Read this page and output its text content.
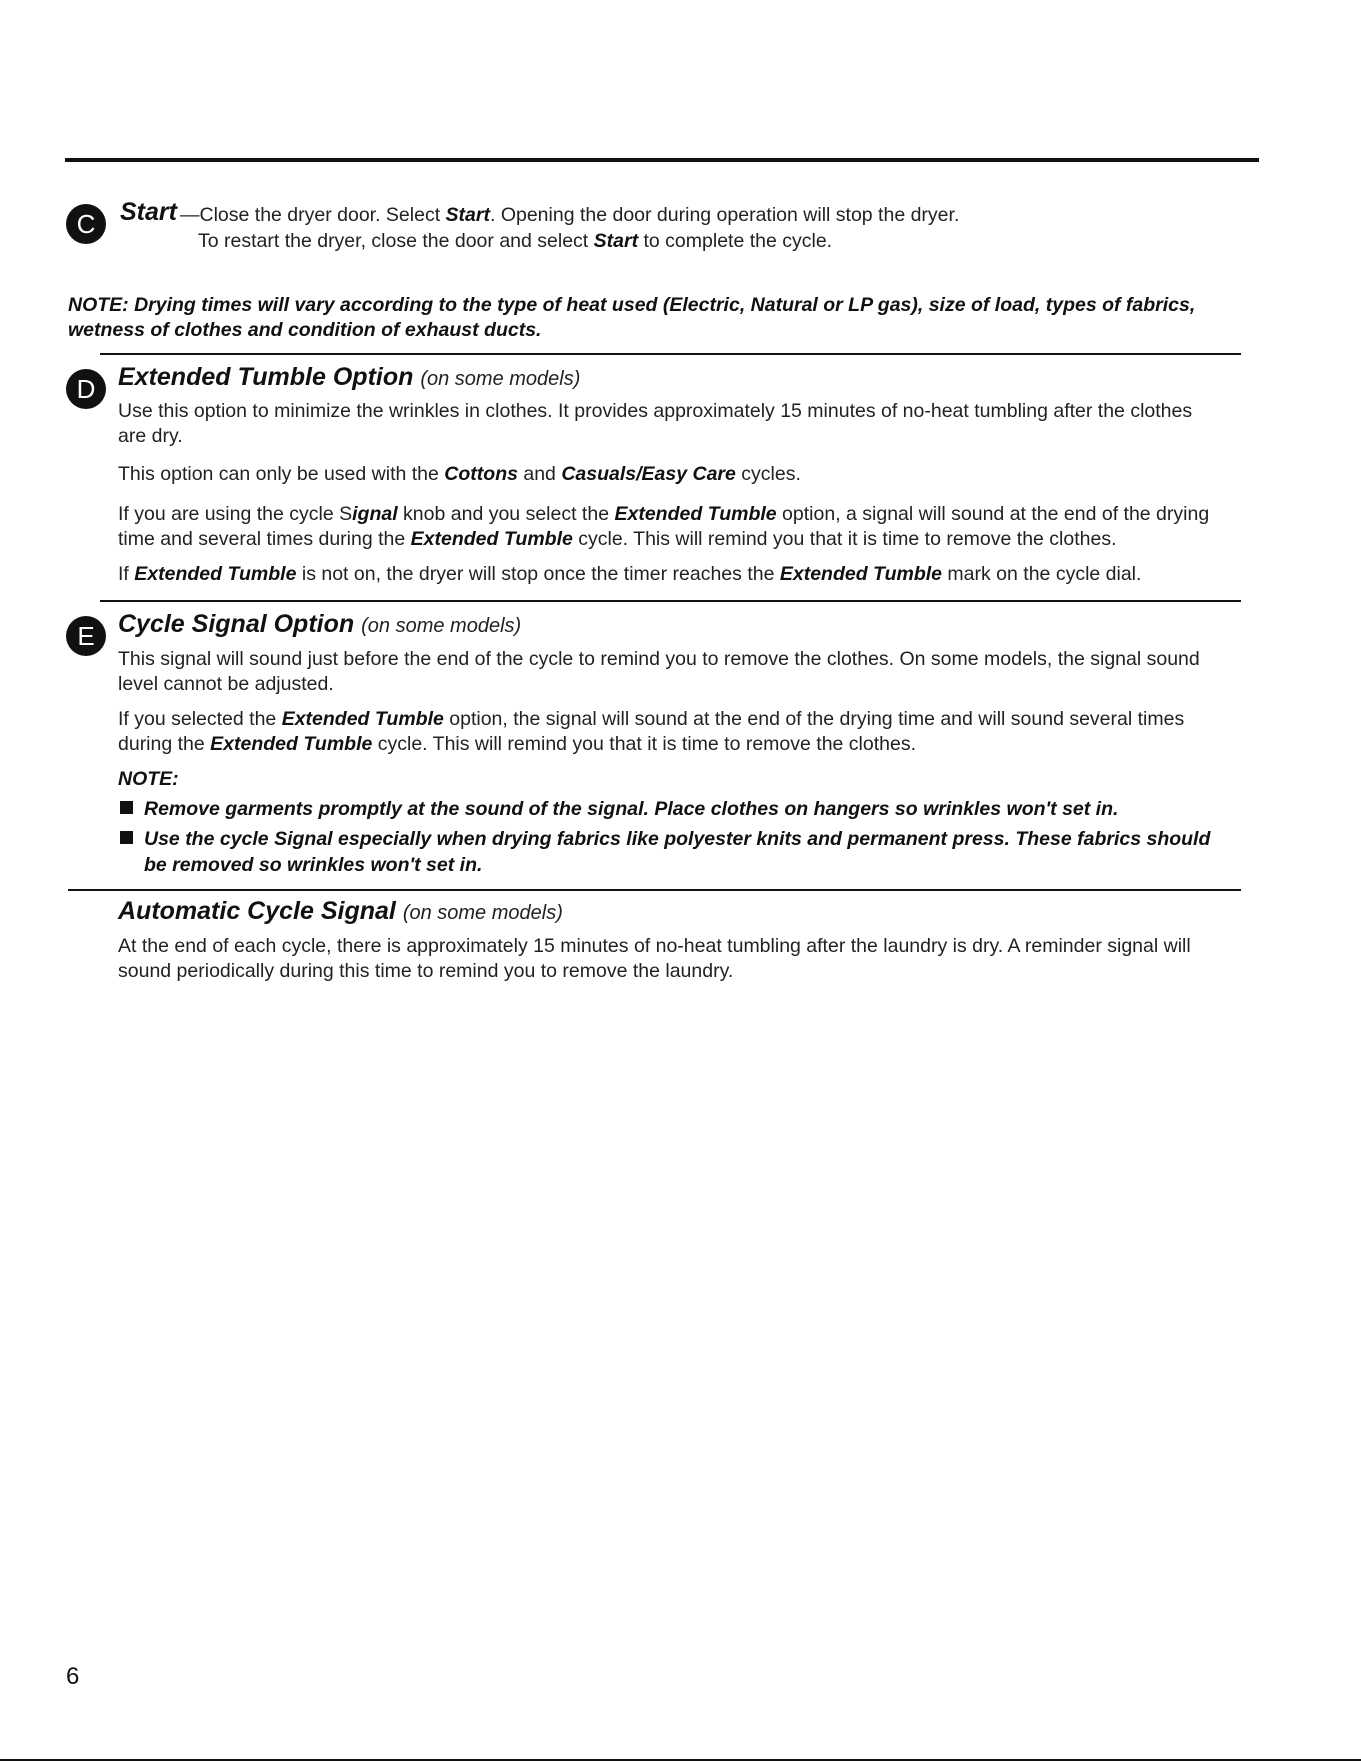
C Start —Close the dryer door. Select Start. Opening the door during operation will stop the dryer.
To restart the dryer, close the door and select Start to complete the cycle.
NOTE: Drying times will vary according to the type of heat used (Electric, Natural or LP gas), size of load, types of fabrics,
wetness of clothes and condition of exhaust ducts.
D Extended Tumble Option (on some models)
Use this option to minimize the wrinkles in clothes. It provides approximately 15 minutes of no-heat tumbling after the clothes
are dry.
This option can only be used with the Cottons and Casuals/Easy Care cycles.
If you are using the cycle Signal knob and you select the Extended Tumble option, a signal will sound at the end of the drying
time and several times during the Extended Tumble cycle. This will remind you that it is time to remove the clothes.
If Extended Tumble is not on, the dryer will stop once the timer reaches the Extended Tumble mark on the cycle dial.
E Cycle Signal Option (on some models)
This signal will sound just before the end of the cycle to remind you to remove the clothes. On some models, the signal sound
level cannot be adjusted.
If you selected the Extended Tumble option, the signal will sound at the end of the drying time and will sound several times
during the Extended Tumble cycle. This will remind you that it is time to remove the clothes.
NOTE:
Remove garments promptly at the sound of the signal. Place clothes on hangers so wrinkles won't set in.
Use the cycle Signal especially when drying fabrics like polyester knits and permanent press. These fabrics should
be removed so wrinkles won't set in.
Automatic Cycle Signal (on some models)
At the end of each cycle, there is approximately 15 minutes of no-heat tumbling after the laundry is dry. A reminder signal will
sound periodically during this time to remind you to remove the laundry.
6
